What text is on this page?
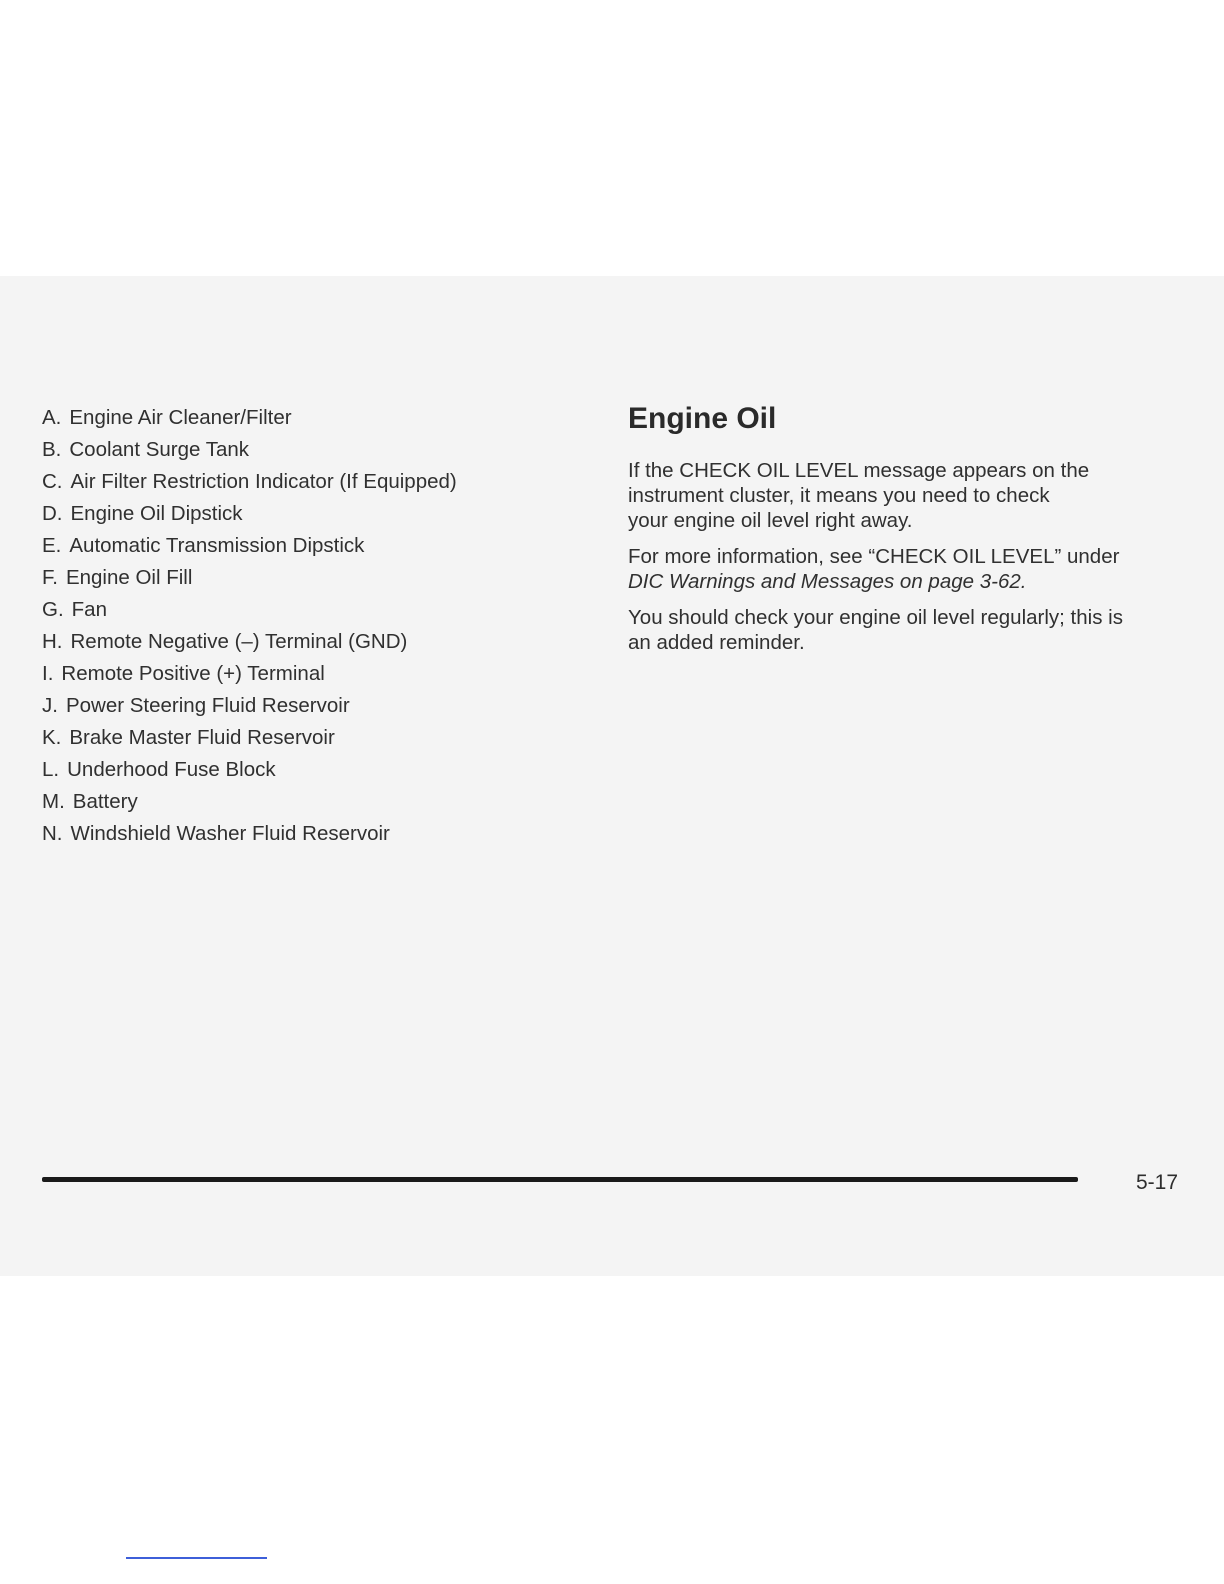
A. Engine Air Cleaner/Filter
B. Coolant Surge Tank
C. Air Filter Restriction Indicator (If Equipped)
D. Engine Oil Dipstick
E. Automatic Transmission Dipstick
F. Engine Oil Fill
G. Fan
H. Remote Negative (–) Terminal (GND)
I. Remote Positive (+) Terminal
J. Power Steering Fluid Reservoir
K. Brake Master Fluid Reservoir
L. Underhood Fuse Block
M. Battery
N. Windshield Washer Fluid Reservoir
Engine Oil

If the CHECK OIL LEVEL message appears on the
instrument cluster, it means you need to check
your engine oil level right away.

For more information, see “CHECK OIL LEVEL” under
DIC Warnings and Messages on page 3-62.

You should check your engine oil level regularly; this is
an added reminder.

5-17
